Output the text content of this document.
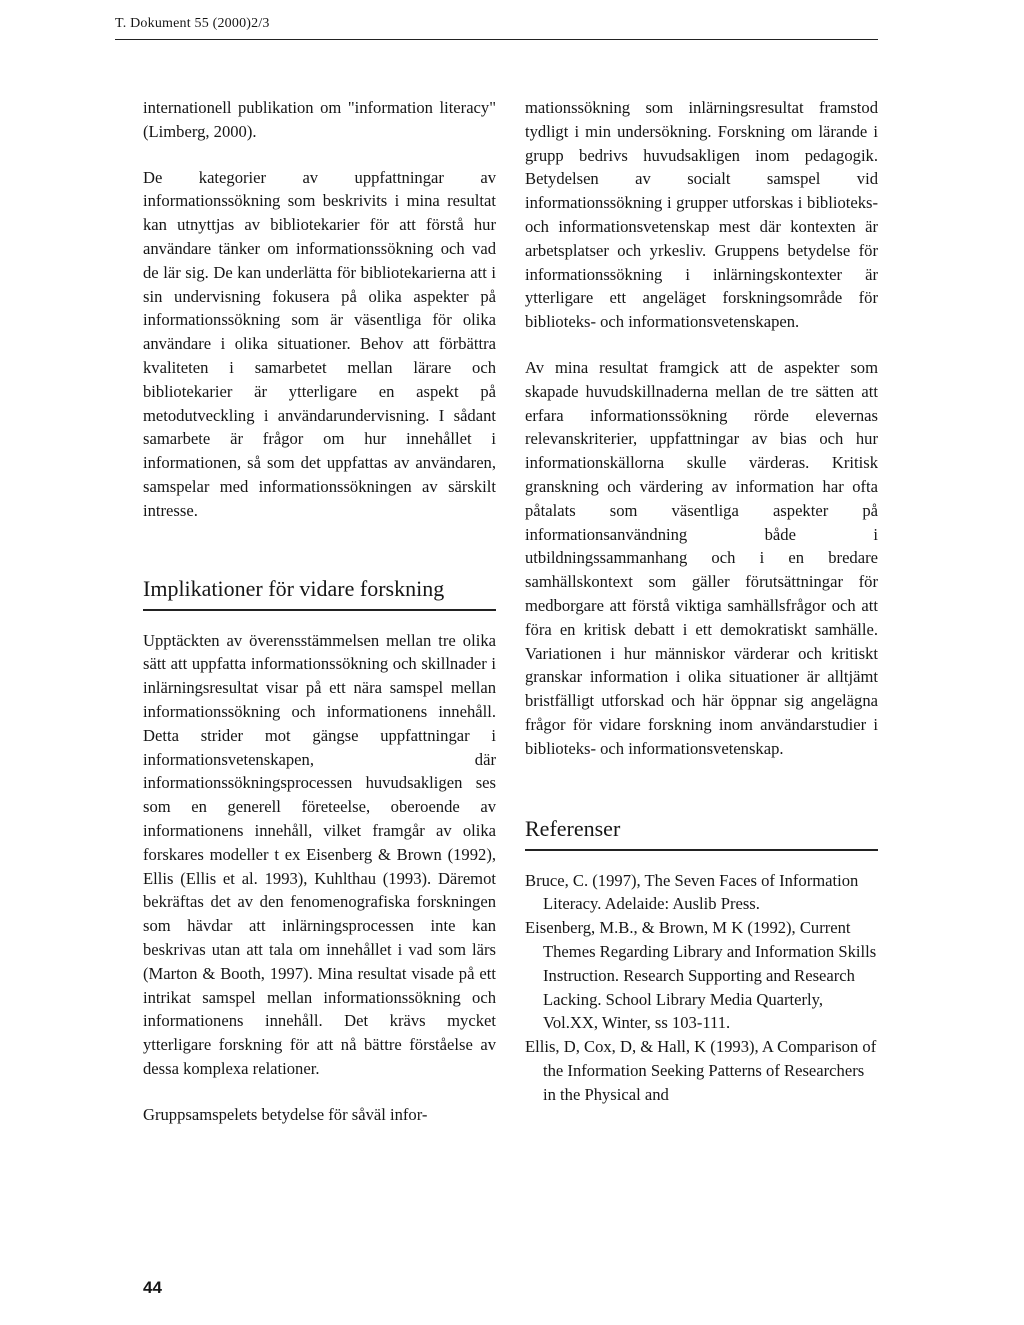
T. Dokument 55 (2000)2/3

internationell publikation om "information literacy" (Limberg, 2000).

De kategorier av uppfattningar av informationssökning som beskrivits i mina resultat kan utnyttjas av bibliotekarier för att förstå hur användare tänker om informationssökning och vad de lär sig. De kan underlätta för bibliotekarierna att i sin undervisning fokusera på olika aspekter på informationssökning som är väsentliga för olika användare i olika situationer. Behov att förbättra kvaliteten i samarbetet mellan lärare och bibliotekarier är ytterligare en aspekt på metodutveckling i användarundervisning. I sådant samarbete är frågor om hur innehållet i informationen, så som det uppfattas av användaren, samspelar med informationssökningen av särskilt intresse.

Implikationer för vidare forskning

Upptäckten av överensstämmelsen mellan tre olika sätt att uppfatta informationssökning och skillnader i inlärningsresultat visar på ett nära samspel mellan informationssökning och informationens innehåll. Detta strider mot gängse uppfattningar i informationsvetenskapen, där informationssökningsprocessen huvudsakligen ses som en generell företeelse, oberoende av informationens innehåll, vilket framgår av olika forskares modeller t ex Eisenberg & Brown (1992), Ellis (Ellis et al. 1993), Kuhlthau (1993). Däremot bekräftas det av den fenomenografiska forskningen som hävdar att inlärningsprocessen inte kan beskrivas utan att tala om innehållet i vad som lärs (Marton & Booth, 1997). Mina resultat visade på ett intrikat samspel mellan informationssökning och informationens innehåll. Det krävs mycket ytterligare forskning för att nå bättre förståelse av dessa komplexa relationer.

Gruppsamspelets betydelse för såväl infor-

mationssökning som inlärningsresultat framstod tydligt i min undersökning. Forskning om lärande i grupp bedrivs huvudsakligen inom pedagogik. Betydelsen av socialt samspel vid informationssökning i grupper utforskas i biblioteks- och informationsvetenskap mest där kontexten är arbetsplatser och yrkesliv. Gruppens betydelse för informationssökning i inlärningskontexter är ytterligare ett angeläget forskningsområde för biblioteks- och informationsvetenskapen.

Av mina resultat framgick att de aspekter som skapade huvudskillnaderna mellan de tre sätten att erfara informationssökning rörde elevernas relevanskriterier, uppfattningar av bias och hur informationskällorna skulle värderas. Kritisk granskning och värdering av information har ofta påtalats som väsentliga aspekter på informationsanvändning både i utbildningssammanhang och i en bredare samhällskontext som gäller förutsättningar för medborgare att förstå viktiga samhällsfrågor och att föra en kritisk debatt i ett demokratiskt samhälle. Variationen i hur människor värderar och kritiskt granskar information i olika situationer är alltjämt bristfälligt utforskad och här öppnar sig angelägna frågor för vidare forskning inom användarstudier i biblioteks- och informationsvetenskap.

Referenser
Bruce, C. (1997), The Seven Faces of Information Literacy. Adelaide: Auslib Press.
Eisenberg, M.B., & Brown, M K (1992), Current Themes Regarding Library and Information Skills Instruction. Research Supporting and Research Lacking. School Library Media Quarterly, Vol.XX, Winter, ss 103-111.
Ellis, D, Cox, D, & Hall, K (1993), A Comparison of the Information Seeking Patterns of Researchers in the Physical and
44
